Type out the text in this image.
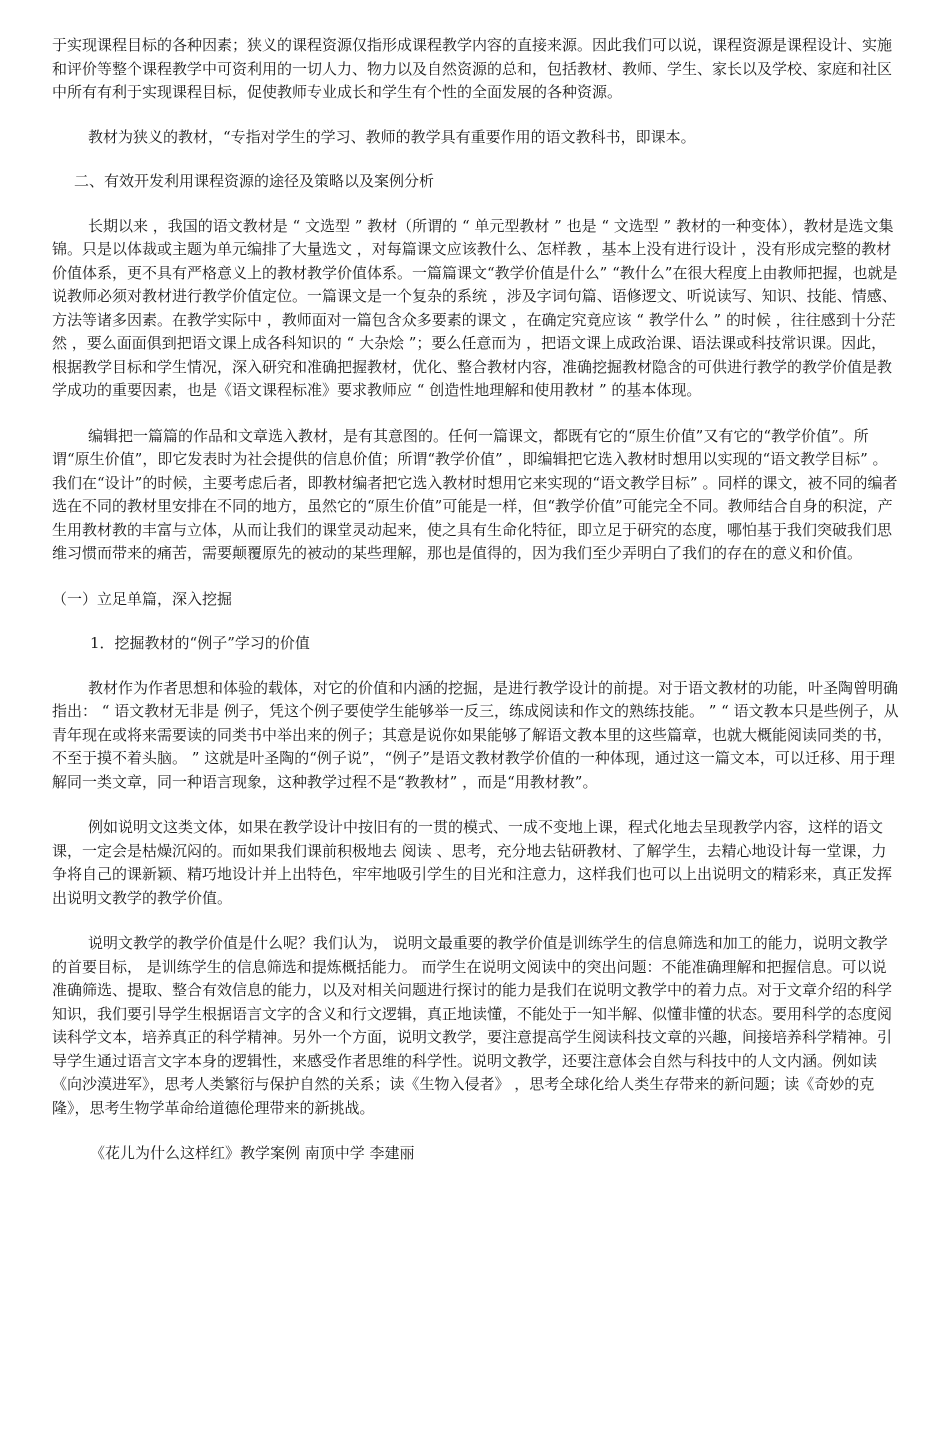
于实现课程目标的各种因素；狭义的课程资源仅指形成课程教学内容的直接来源。因此我们可以说，课程资源是课程设计、实施和评价等整个课程教学中可资利用的一切人力、物力以及自然资源的总和，包括教材、教师、学生、家长以及学校、家庭和社区中所有有利于实现课程目标，促使教师专业成长和学生有个性的全面发展的各种资源。

教材为狭义的教材，“专指对学生的学习、教师的教学具有重要作用的语文教科书，即课本。

二、有效开发利用课程资源的途径及策略以及案例分析

长期以来 ，我国的语文教材是 “ 文选型 ” 教材（所谓的 “ 单元型教材 ” 也是 “ 文选型 ” 教材的一种变体），教材是选文集锦。只是以体裁或主题为单元编排了大量选文 ，对每篇课文应该教什么、怎样教 ，基本上没有进行设计 ，没有形成完整的教材价值体系，更不具有严格意义上的教材教学价值体系。一篇篇课文“教学价值是什么” “教什么”在很大程度上由教师把握，也就是说教师必须对教材进行教学价值定位。一篇课文是一个复杂的系统 ，涉及字词句篇、语修逻文、听说读写、知识、技能、情感、方法等诸多因素。在教学实际中 ，教师面对一篇包含众多要素的课文 ，在确定究竟应该 “ 教学什么 ” 的时候 ，往往感到十分茫然 ，要么面面俱到把语文课上成各科知识的 “ 大杂烩 ”；要么任意而为 ，把语文课上成政治课、语法课或科技常识课。因此，根据教学目标和学生情况，深入研究和准确把握教材，优化、整合教材内容，准确挖掘教材隐含的可供进行教学的教学价值是教学成功的重要因素，也是《语文课程标准》要求教师应 “ 创造性地理解和使用教材 ” 的基本体现。

编辑把一篇篇的作品和文章选入教材，是有其意图的。任何一篇课文，都既有它的“原生价值”又有它的“教学价值”。所谓“原生价值”，即它发表时为社会提供的信息价值；所谓“教学价值” ，即编辑把它选入教材时想用以实现的“语文教学目标” 。我们在“设计”的时候，主要考虑后者，即教材编者把它选入教材时想用它来实现的“语文教学目标” 。同样的课文，被不同的编者选在不同的教材里安排在不同的地方，虽然它的“原生价值”可能是一样，但“教学价值”可能完全不同。教师结合自身的积淀，产生用教材教的丰富与立体，从而让我们的课堂灵动起来，使之具有生命化特征，即立足于研究的态度，哪怕基于我们突破我们思维习惯而带来的痛苦，需要颠覆原先的被动的某些理解，那也是值得的，因为我们至少弄明白了我们的存在的意义和价值。

（一）立足单篇，深入挖掘

1．挖掘教材的“例子”学习的价值

教材作为作者思想和体验的载体，对它的价值和内涵的挖掘，是进行教学设计的前提。对于语文教材的功能，叶圣陶曾明确指出： “ 语文教材无非是 例子，凭这个例子要使学生能够举一反三，练成阅读和作文的熟练技能。 ” “ 语文教本只是些例子，从青年现在或将来需要读的同类书中举出来的例子；其意是说你如果能够了解语文教本里的这些篇章，也就大概能阅读同类的书，不至于摸不着头脑。 ” 这就是叶圣陶的“例子说”，“例子”是语文教材教学价值的一种体现，通过这一篇文本，可以迁移、用于理解同一类文章，同一种语言现象，这种教学过程不是“教教材” ，而是“用教材教”。

例如说明文这类文体，如果在教学设计中按旧有的一贯的模式、一成不变地上课，程式化地去呈现教学内容，这样的语文课，一定会是枯燥沉闷的。而如果我们课前积极地去 阅读 、思考，充分地去钻研教材、了解学生，去精心地设计每一堂课，力争将自己的课新颖、精巧地设计并上出特色，牢牢地吸引学生的目光和注意力，这样我们也可以上出说明文的精彩来，真正发挥出说明文教学的教学价值。

说明文教学的教学价值是什么呢？我们认为， 说明文最重要的教学价值是训练学生的信息筛选和加工的能力，说明文教学的首要目标， 是训练学生的信息筛选和提炼概括能力。 而学生在说明文阅读中的突出问题：不能准确理解和把握信息。可以说准确筛选、提取、整合有效信息的能力，以及对相关问题进行探讨的能力是我们在说明文教学中的着力点。对于文章介绍的科学知识，我们要引导学生根据语言文字的含义和行文逻辑，真正地读懂，不能处于一知半解、似懂非懂的状态。要用科学的态度阅读科学文本，培养真正的科学精神。另外一个方面，说明文教学，要注意提高学生阅读科技文章的兴趣，间接培养科学精神。引导学生通过语言文字本身的逻辑性，来感受作者思维的科学性。说明文教学，还要注意体会自然与科技中的人文内涵。例如读《向沙漠进军》，思考人类繁衍与保护自然的关系；读《生物入侵者》 ，思考全球化给人类生存带来的新问题；读《奇妙的克隆》，思考生物学革命给道德伦理带来的新挑战。

《花儿为什么这样红》教学案例 南顶中学 李建丽
